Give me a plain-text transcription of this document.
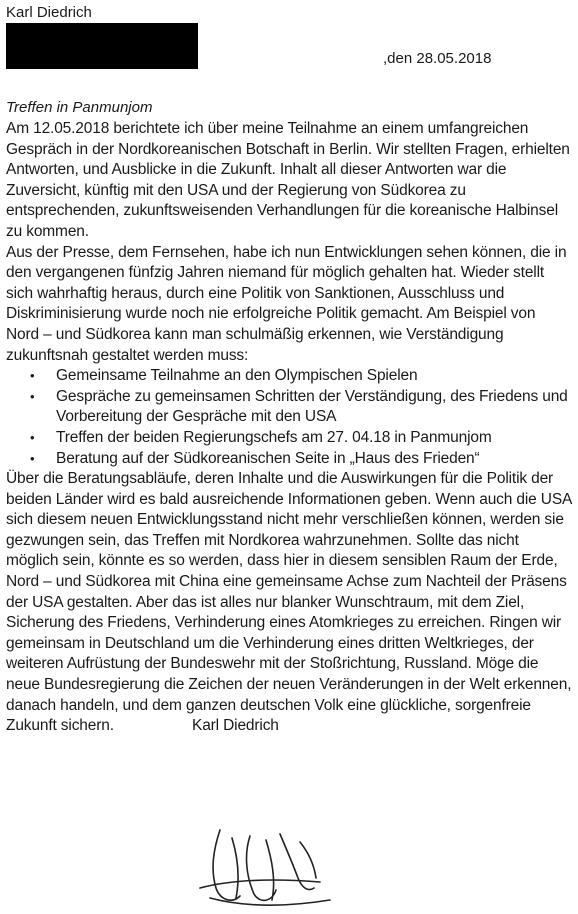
Karl Diedrich
,den 28.05.2018
Treffen in Panmunjom

Am 12.05.2018 berichtete ich über meine Teilnahme an einem umfangreichen Gespräch in der Nordkoreanischen Botschaft in Berlin. Wir stellten Fragen, erhielten Antworten, und Ausblicke in die Zukunft. Inhalt all dieser Antworten war die Zuversicht, künftig mit den USA und der Regierung von Südkorea zu entsprechenden, zukunftsweisenden Verhandlungen für die koreanische Halbinsel zu kommen.

Aus der Presse, dem Fernsehen, habe ich nun Entwicklungen sehen können, die in den vergangenen fünfzig Jahren niemand für möglich gehalten hat. Wieder stellt sich wahrhaftig heraus, durch eine Politik von Sanktionen, Ausschluss und Diskriminisierung wurde noch nie erfolgreiche Politik gemacht. Am Beispiel von Nord – und Südkorea kann man schulmäßig erkennen, wie Verständigung zukunftsnah gestaltet werden muss:

• Gemeinsame Teilnahme an den Olympischen Spielen
• Gespräche zu gemeinsamen Schritten der Verständigung, des Friedens und Vorbereitung der Gespräche mit den USA
• Treffen der beiden Regierungschefs am 27. 04.18 in Panmunjom
• Beratung auf der Südkoreanischen Seite in „Haus des Frieden“

Über die Beratungsabläufe, deren Inhalte und die Auswirkungen für die Politik der beiden Länder wird es bald ausreichende Informationen geben. Wenn auch die USA sich diesem neuen Entwicklungsstand nicht mehr verschließen können, werden sie gezwungen sein, das Treffen mit Nordkorea wahrzunehmen. Sollte das nicht möglich sein, könnte es so werden, dass hier in diesem sensiblen Raum der Erde, Nord – und Südkorea mit China eine gemeinsame Achse zum Nachteil der Präsens der USA gestalten. Aber das ist alles nur blanker Wunschtraum, mit dem Ziel, Sicherung des Friedens, Verhinderung eines Atomkrieges zu erreichen. Ringen wir gemeinsam in Deutschland um die Verhinderung eines dritten Weltkrieges, der weiteren Aufrüstung der Bundeswehr mit der Stoßrichtung, Russland. Möge die neue Bundesregierung die Zeichen der neuen Veränderungen in der Welt erkennen, danach handeln, und dem ganzen deutschen Volk eine glückliche, sorgenfreie

Zukunft sichern.	Karl Diedrich
